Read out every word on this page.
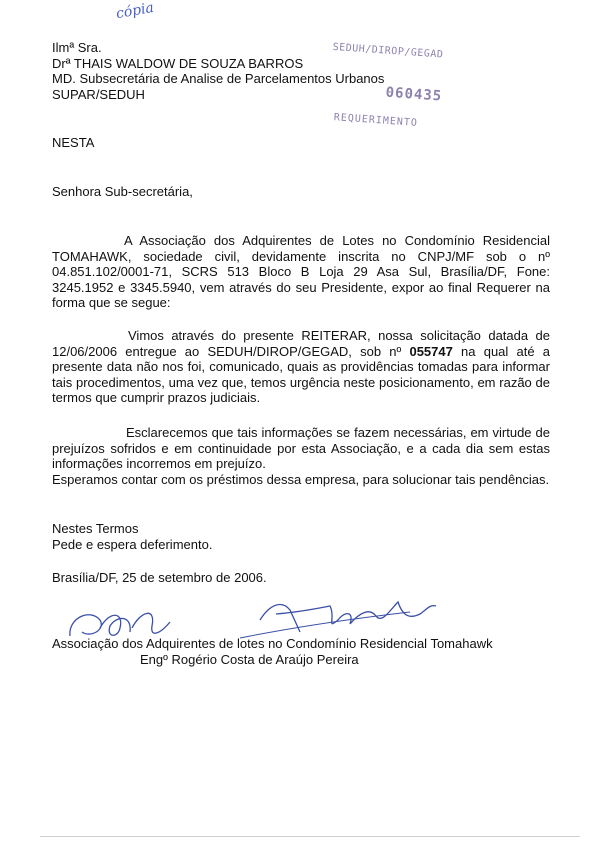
cópia
Ilmª Sra.
Drª THAIS WALDOW DE SOUZA BARROS
MD. Subsecretária de Analise de Parcelamentos Urbanos
SUPAR/SEDUH
SEDUH/DIROP/GEGAD
060435
REQUERIMENTO
NESTA
Senhora Sub-secretária,
A Associação dos Adquirentes de Lotes no Condomínio Residencial TOMAHAWK, sociedade civil, devidamente inscrita no CNPJ/MF sob o nº 04.851.102/0001-71, SCRS 513 Bloco B Loja 29 Asa Sul, Brasília/DF, Fone: 3245.1952 e 3345.5940, vem através do seu Presidente, expor ao final Requerer na forma que se segue:
Vimos através do presente REITERAR, nossa solicitação datada de 12/06/2006 entregue ao SEDUH/DIROP/GEGAD, sob nº 055747 na qual até a presente data não nos foi, comunicado, quais as providências tomadas para informar tais procedimentos, uma vez que, temos urgência neste posicionamento, em razão de termos que cumprir prazos judiciais.
Esclarecemos que tais informações se fazem necessárias, em virtude de prejuízos sofridos e em continuidade por esta Associação, e a cada dia sem estas informações incorremos em prejuízo.
Esperamos contar com os préstimos dessa empresa, para solucionar tais pendências.
Nestes Termos
Pede e espera deferimento.
Brasília/DF, 25 de setembro de 2006.
Associação dos Adquirentes de lotes no Condomínio Residencial Tomahawk
Engº Rogério Costa de Araújo Pereira
